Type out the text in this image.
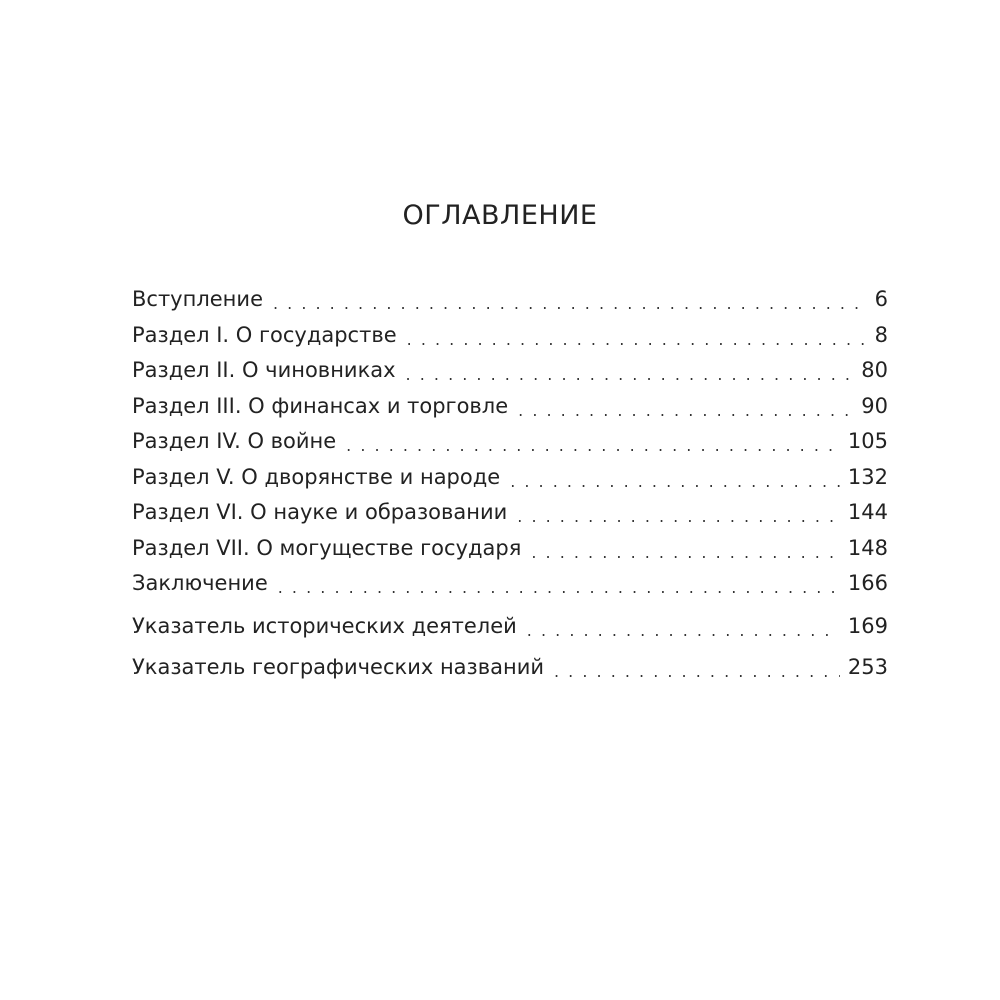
ОГЛАВЛЕНИЕ
Вступление . . .	6
Раздел I. О государстве . . .	8
Раздел II. О чиновниках . . .	80
Раздел III. О финансах и торговле . . .	90
Раздел IV. О войне . . .	105
Раздел V. О дворянстве и народе . . .	132
Раздел VI. О науке и образовании . . .	144
Раздел VII. О могуществе государя . . .	148
Заключение . . .	166
Указатель исторических деятелей . . .	169
Указатель географических названий . . .	253
